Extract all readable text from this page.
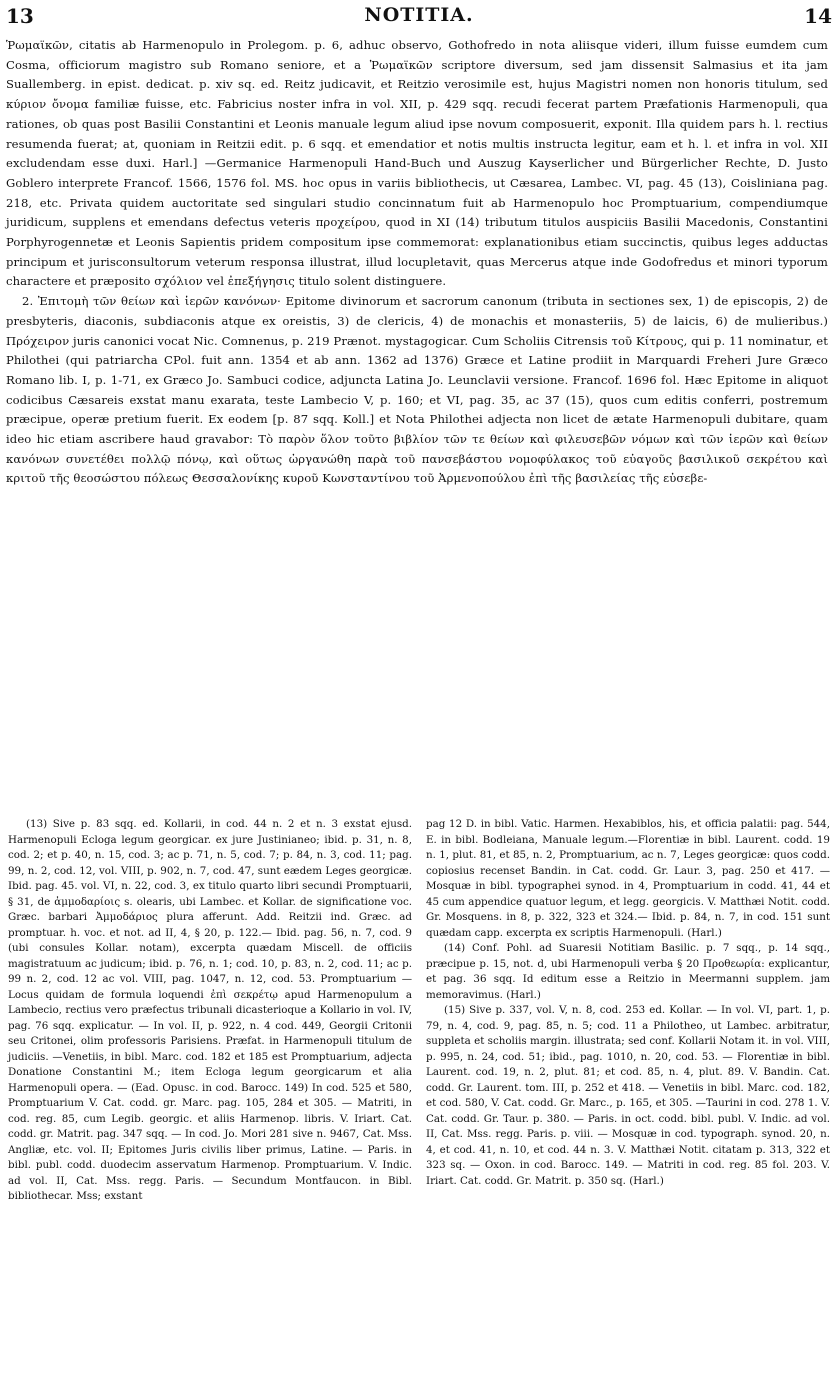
13	NOTITIA.	14

Ῥωμαϊκῶν, citatis ab Harmenopulo in Prolegom. p. 6, adhuc observo, Gothofredo in nota aliisque videri, illum fuisse eumdem cum Cosma, officiorum magistro sub Romano seniore, et a Ῥωμαϊκῶν scriptore diversum, sed jam dissensit Salmasius et ita jam Suallemberg. in epist. dedicat. p. xiv sq. ed. Reitz judicavit, et Reitzio verosimile est, hujus Magistri nomen non honoris titulum, sed κύριον ὄνομα familiæ fuisse, etc. Fabricius noster infra in vol. XII, p. 429 sqq. recudi fecerat partem Præfationis Harmenopuli, qua rationes, ob quas post Basilii Constantini et Leonis manuale legum aliud ipse novum composuerit, exponit. Illa quidem pars h. l. rectius resumenda fuerat; at, quoniam in Reitzii edit. p. 6 sqq. et emendatior et notis multis instructa legitur, eam et h. l. et infra in vol. XII excludendam esse duxi. Harl.] —Germanice Harmenopuli Hand-Buch und Auszug Kayserlicher und Bürgerlicher Rechte, D. Justo Goblero interprete Francof. 1566, 1576 fol. MS. hoc opus in variis bibliothecis, ut Cæsarea, Lambec. VI, pag. 45 (13), Coisliniana pag. 218, etc. Privata quidem auctoritate sed singulari studio concinnatum fuit ab Harmenopulo hoc Promptuarium, compendiumque juridicum, supplens et emendans defectus veteris προχείρου, quod in XI (14) tributum titulos auspiciis Basilii Macedonis, Constantini Porphyrogennetæ et Leonis Sapientis pridem compositum ipse commemorat: explanationibus etiam succinctis, quibus leges adductas principum et jurisconsultorum veterum responsa illustrat, illud locupletavit, quas Mercerus atque inde Godofredus et minori typorum charactere et præposito σχόλιον vel ἐπεξήγησις titulo solent distinguere.

2. Ἐπιτομὴ τῶν θείων καὶ ἱερῶν κανόνων· Epitome divinorum et sacrorum canonum (tributa in sectiones sex, 1) de episcopis, 2) de presbyteris, diaconis, subdiaconis atque ex oreistis, 3) de clericis, 4) de monachis et monasteriis, 5) de laicis, 6) de mulieribus.) Πρόχειρον juris canonici vocat Nic. Comnenus, p. 219 Prænot. mystagogicar. Cum Scholiis Citrensis τοῦ Κίτρους, qui p. 11 nominatur, et Philothei (qui patriarcha CPol. fuit ann. 1354 et ab ann. 1362 ad 1376) Græce et Latine prodiit in Marquardi Freheri Jure Græco Romano lib. I, p. 1-71, ex Græco Jo. Sambuci codice, adjuncta Latina Jo. Leunclavii versione. Francof. 1696 fol. Hæc Epitome in aliquot codicibus Cæsareis exstat manu exarata, teste Lambecio V, p. 160; et VI, pag. 35, ac 37 (15), quos cum editis conferri, postremum præcipue, operæ pretium fuerit. Ex eodem [p. 87 sqq. Koll.] et Nota Philothei adjecta non licet de ætate Harmenopuli dubitare, quam ideo hic etiam ascribere haud gravabor: Τὸ παρὸν ὅλον τοῦτο βιβλίον τῶν τε θείων καὶ φιλευσεβῶν νόμων καὶ τῶν ἱερῶν καὶ θείων κανόνων συνετέθει πολλῷ πόνῳ, καὶ οὕτως ὠργανώθη παρὰ τοῦ πανσεβάστου νομοφύλακος τοῦ εὐαγοῦς βασιλικοῦ σεκρέτου καὶ κριτοῦ τῆς θεοσώστου πόλεως Θεσσαλονίκης κυροῦ Κωνσταντίνου τοῦ Ἀρμενοπούλου ἐπὶ τῆς βασιλείας τῆς εὐσεβε-

(13) Sive p. 83 sqq. ed. Kollarii, in cod. 44 n. 2 et n. 3 exstat ejusd. Harmenopuli Ecloga legum georgicar. ex jure Justinianeo; ibid. p. 31, n. 8, cod. 2; et p. 40, n. 15, cod. 3; ac p. 71, n. 5, cod. 7; p. 84, n. 3, cod. 11; pag. 99, n. 2, cod. 12, vol. VIII, p. 902, n. 7, cod. 47, sunt eædem Leges georgicæ. Ibid. pag. 45. vol. VI, n. 22, cod. 3, ex titulo quarto libri secundi Promptuarii, § 31, de ἀμμοδαρίοις s. olearis, ubi Lambec. et Kollar. de significatione voc. Græc. barbari Ἀμμοδάριος plura afferunt. Add. Reitzii ind. Græc. ad promptuar. h. voc. et not. ad II, 4, § 20, p. 122.— Ibid. pag. 56, n. 7, cod. 9 (ubi consules Kollar. notam), excerpta quædam Miscell. de officiis magistratuum ac judicum; ibid. p. 76, n. 1; cod. 10, p. 83, n. 2, cod. 11; ac p. 99 n. 2, cod. 12 ac vol. VIII, pag. 1047, n. 12, cod. 53. Promptuarium — Locus quidam de formula loquendi ἐπὶ σεκρέτῳ apud Harmenopulum a Lambecio, rectius vero præfectus tribunali dicasterioque a Kollario in vol. IV, pag. 76 sqq. explicatur. — In vol. II, p. 922, n. 4 cod. 449, Georgii Critonii seu Critonei, olim professoris Parisiens. Præfat. in Harmenopuli titulum de judiciis. —Venetiis, in bibl. Marc. cod. 182 et 185 est Promptuarium, adjecta Donatione Constantini M.; item Ecloga legum georgicarum et alia Harmenopuli opera. — (Ead. Opusc. in cod. Barocc. 149) In cod. 525 et 580, Promptuarium V. Cat. codd. gr. Marc. pag. 105, 284 et 305. — Matriti, in cod. reg. 85, cum Legib. georgic. et aliis Harmenop. libris. V. Iriart. Cat. codd. gr. Matrit. pag. 347 sqq. — In cod. Jo. Mori 281 sive n. 9467, Cat. Mss. Angliæ, etc. vol. II; Epitomes Juris civilis liber primus, Latine. — Paris. in bibl. publ. codd. duodecim asservatum Harmenop. Promptuarium. V. Indic. ad vol. II, Cat. Mss. regg. Paris. — Secundum Montfaucon. in Bibl. bibliothecar. Mss; exstant

pag 12 D. in bibl. Vatic. Harmen. Hexabiblos, his, et officia palatii: pag. 544, E. in bibl. Bodleiana, Manuale legum.—Florentiæ in bibl. Laurent. codd. 19 n. 1, plut. 81, et 85, n. 2, Promptuarium, ac n. 7, Leges georgicæ: quos codd. copiosius recenset Bandin. in Cat. codd. Gr. Laur. 3, pag. 250 et 417. — Mosquæ in bibl. typographei synod. in 4, Promptuarium in codd. 41, 44 et 45 cum appendice quatuor legum, et legg. georgicis. V. Matthæi Notit. codd. Gr. Mosquens. in 8, p. 322, 323 et 324.— Ibid. p. 84, n. 7, in cod. 151 sunt quædam capp. excerpta ex scriptis Harmenopuli. (Harl.)

(14) Conf. Pohl. ad Suaresii Notitiam Basilic. p. 7 sqq., p. 14 sqq., præcipue p. 15, not. d, ubi Harmenopuli verba § 20 Προθεωρία: explicantur, et pag. 36 sqq. Id editum esse a Reitzio in Meermanni supplem. jam memoravimus. (Harl.)

(15) Sive p. 337, vol. V, n. 8, cod. 253 ed. Kollar. — In vol. VI, part. 1, p. 79, n. 4, cod. 9, pag. 85, n. 5; cod. 11 a Philotheo, ut Lambec. arbitratur, suppleta et scholiis margin. illustrata; sed conf. Kollarii Notam it. in vol. VIII, p. 995, n. 24, cod. 51; ibid., pag. 1010, n. 20, cod. 53. — Florentiæ in bibl. Laurent. cod. 19, n. 2, plut. 81; et cod. 85, n. 4, plut. 89. V. Bandin. Cat. codd. Gr. Laurent. tom. III, p. 252 et 418. — Venetiis in bibl. Marc. cod. 182, et cod. 580, V. Cat. codd. Gr. Marc., p. 165, et 305. —Taurini in cod. 278 1. V. Cat. codd. Gr. Taur. p. 380. — Paris. in oct. codd. bibl. publ. V. Indic. ad vol. II, Cat. Mss. regg. Paris. p. viii. — Mosquæ in cod. typograph. synod. 20, n. 4, et cod. 41, n. 10, et cod. 44 n. 3. V. Matthæi Notit. citatam p. 313, 322 et 323 sq. — Oxon. in cod. Barocc. 149. — Matriti in cod. reg. 85 fol. 203. V. Iriart. Cat. codd. Gr. Matrit. p. 350 sq. (Harl.)
